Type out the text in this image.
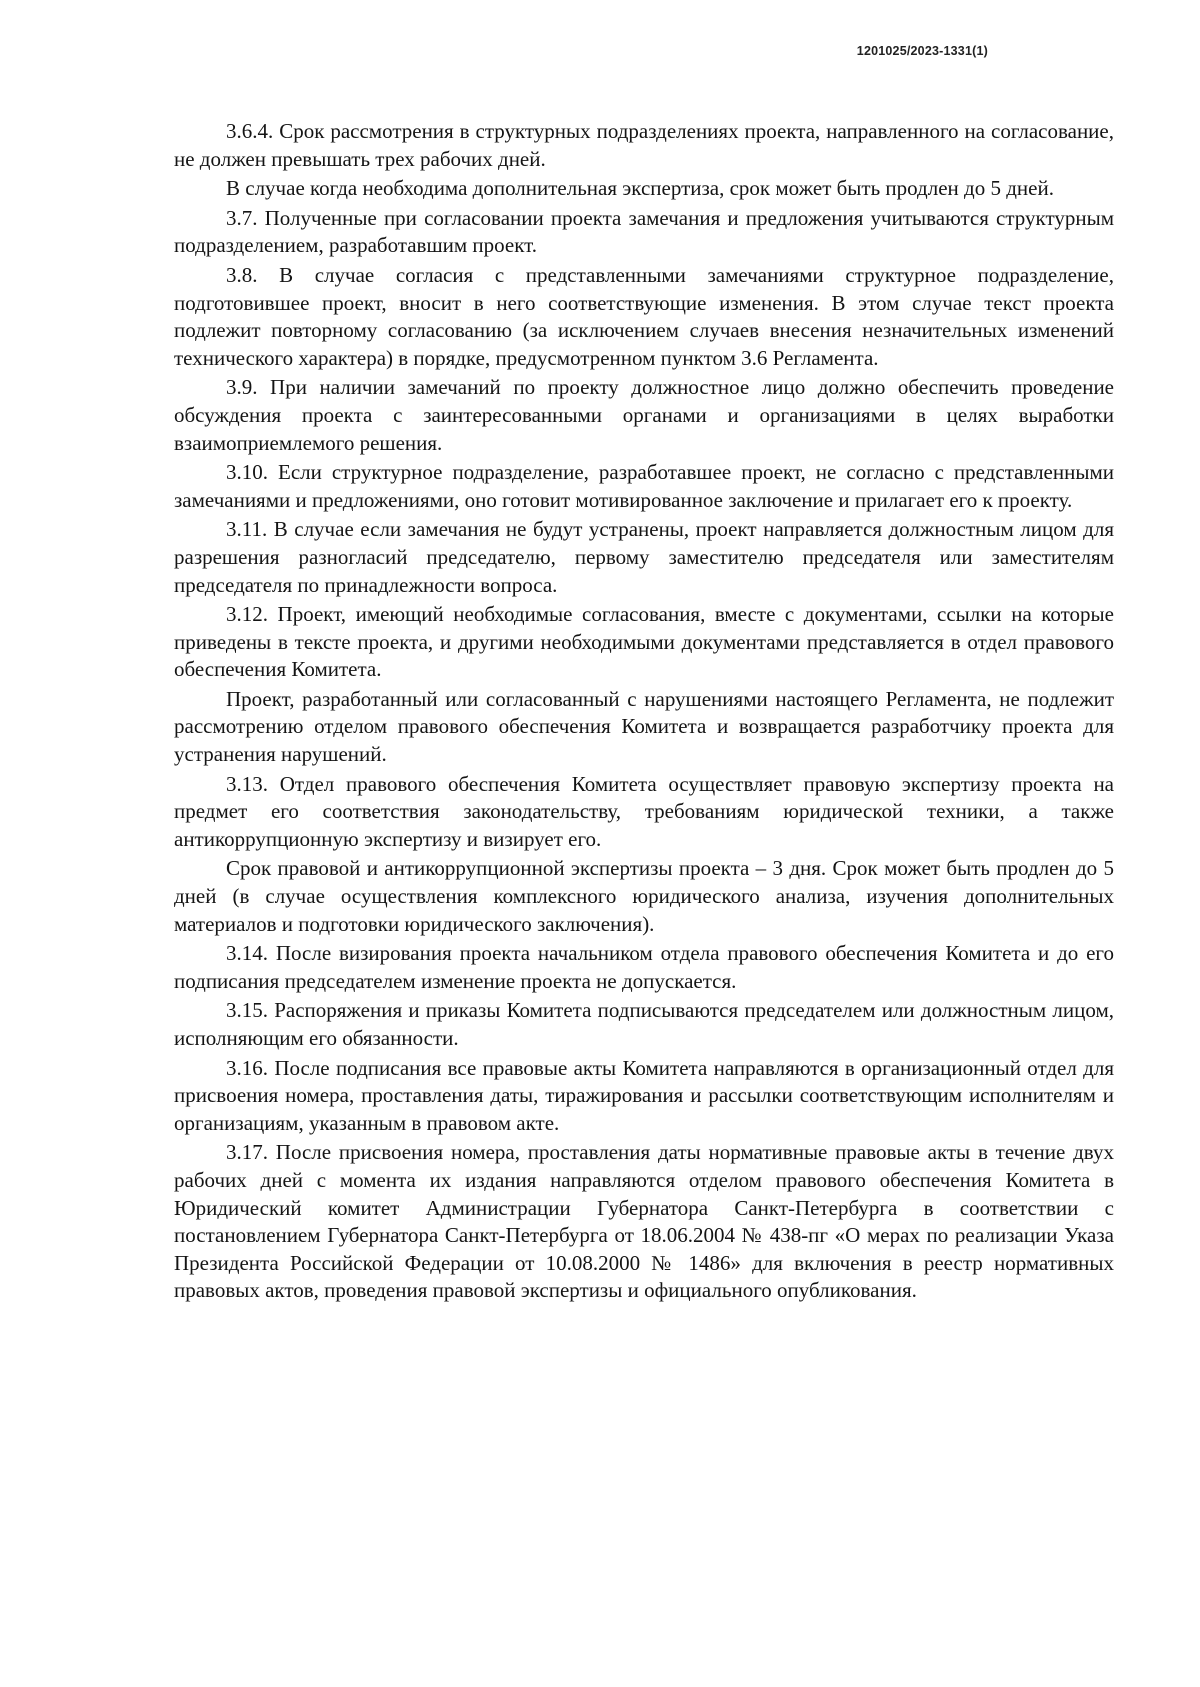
1201025/2023-1331(1)

3.6.4. Срок рассмотрения в структурных подразделениях проекта, направленного на согласование, не должен превышать трех рабочих дней.

В случае когда необходима дополнительная экспертиза, срок может быть продлен до 5 дней.

3.7. Полученные при согласовании проекта замечания и предложения учитываются структурным подразделением, разработавшим проект.

3.8. В случае согласия с представленными замечаниями структурное подразделение, подготовившее проект, вносит в него соответствующие изменения. В этом случае текст проекта подлежит повторному согласованию (за исключением случаев внесения незначительных изменений технического характера) в порядке, предусмотренном пунктом 3.6 Регламента.

3.9. При наличии замечаний по проекту должностное лицо должно обеспечить проведение обсуждения проекта с заинтересованными органами и организациями в целях выработки взаимоприемлемого решения.

3.10. Если структурное подразделение, разработавшее проект, не согласно с представленными замечаниями и предложениями, оно готовит мотивированное заключение и прилагает его к проекту.

3.11. В случае если замечания не будут устранены, проект направляется должностным лицом для разрешения разногласий председателю, первому заместителю председателя или заместителям председателя по принадлежности вопроса.

3.12. Проект, имеющий необходимые согласования, вместе с документами, ссылки на которые приведены в тексте проекта, и другими необходимыми документами представляется в отдел правового обеспечения Комитета.

Проект, разработанный или согласованный с нарушениями настоящего Регламента, не подлежит рассмотрению отделом правового обеспечения Комитета и возвращается разработчику проекта для устранения нарушений.

3.13. Отдел правового обеспечения Комитета осуществляет правовую экспертизу проекта на предмет его соответствия законодательству, требованиям юридической техники, а также антикоррупционную экспертизу и визирует его.

Срок правовой и антикоррупционной экспертизы проекта – 3 дня. Срок может быть продлен до 5 дней (в случае осуществления комплексного юридического анализа, изучения дополнительных материалов и подготовки юридического заключения).

3.14. После визирования проекта начальником отдела правового обеспечения Комитета и до его подписания председателем изменение проекта не допускается.

3.15. Распоряжения и приказы Комитета подписываются председателем или должностным лицом, исполняющим его обязанности.

3.16. После подписания все правовые акты Комитета направляются в организационный отдел для присвоения номера, проставления даты, тиражирования и рассылки соответствующим исполнителям и организациям, указанным в правовом акте.

3.17. После присвоения номера, проставления даты нормативные правовые акты в течение двух рабочих дней с момента их издания направляются отделом правового обеспечения Комитета в Юридический комитет Администрации Губернатора Санкт-Петербурга в соответствии с постановлением Губернатора Санкт-Петербурга от 18.06.2004 № 438-пг «О мерах по реализации Указа Президента Российской Федерации от 10.08.2000 № 1486» для включения в реестр нормативных правовых актов, проведения правовой экспертизы и официального опубликования.
